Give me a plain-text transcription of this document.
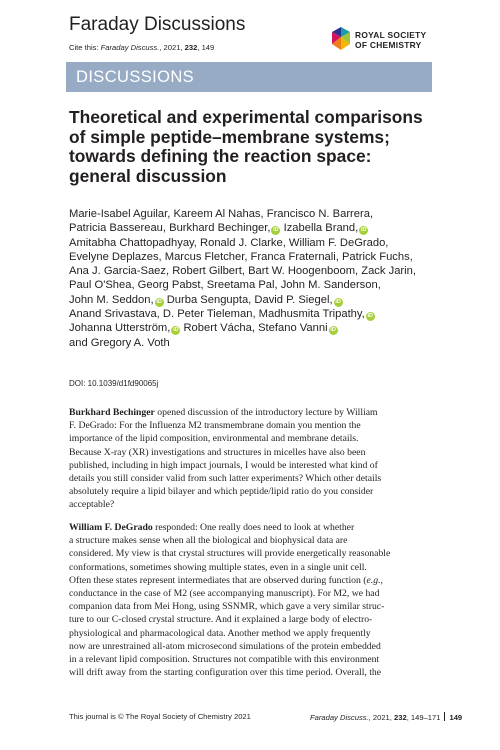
Faraday Discussions
Cite this: Faraday Discuss., 2021, 232, 149
ROYAL SOCIETY
OF CHEMISTRY
DISCUSSIONS
Theoretical and experimental comparisons
of simple peptide–membrane systems;
towards defining the reaction space:
general discussion
Marie-Isabel Aguilar, Kareem Al Nahas, Francisco N. Barrera,
Patricia Bassereau, Burkhard Bechinger, iD Izabella Brand, iD
Amitabha Chattopadhyay, Ronald J. Clarke, William F. DeGrado,
Evelyne Deplazes, Marcus Fletcher, Franca Fraternali, Patrick Fuchs,
Ana J. Garcia-Saez, Robert Gilbert, Bart W. Hoogenboom, Zack Jarin,
Paul O'Shea, Georg Pabst, Sreetama Pal, John M. Sanderson,
John M. Seddon, iD Durba Sengupta, David P. Siegel, iD
Anand Srivastava, D. Peter Tieleman, Madhusmita Tripathy, iD
Johanna Utterström, iD Robert Vácha, Stefano Vanni iD
and Gregory A. Voth
DOI: 10.1039/d1fd90065j
Burkhard Bechinger opened discussion of the introductory lecture by William
F. DeGrado: For the Influenza M2 transmembrane domain you mention the
importance of the lipid composition, environmental and membrane details.
Because X-ray (XR) investigations and structures in micelles have also been
published, including in high impact journals, I would be interested what kind of
details you still consider valid from such latter experiments? Which other details
absolutely require a lipid bilayer and which peptide/lipid ratio do you consider
acceptable?
William F. DeGrado responded: One really does need to look at whether
a structure makes sense when all the biological and biophysical data are
considered. My view is that crystal structures will provide energetically reasonable
conformations, sometimes showing multiple states, even in a single unit cell.
Often these states represent intermediates that are observed during function (e.g.,
conductance in the case of M2 (see accompanying manuscript). For M2, we had
companion data from Mei Hong, using SSNMR, which gave a very similar struc-
ture to our C-closed crystal structure. And it explained a large body of electro-
physiological and pharmacological data. Another method we apply frequently
now are unrestrained all-atom microsecond simulations of the protein embedded
in a relevant lipid composition. Structures not compatible with this environment
will drift away from the starting configuration over this time period. Overall, the
This journal is © The Royal Society of Chemistry 2021	Faraday Discuss., 2021, 232, 149–171 149
